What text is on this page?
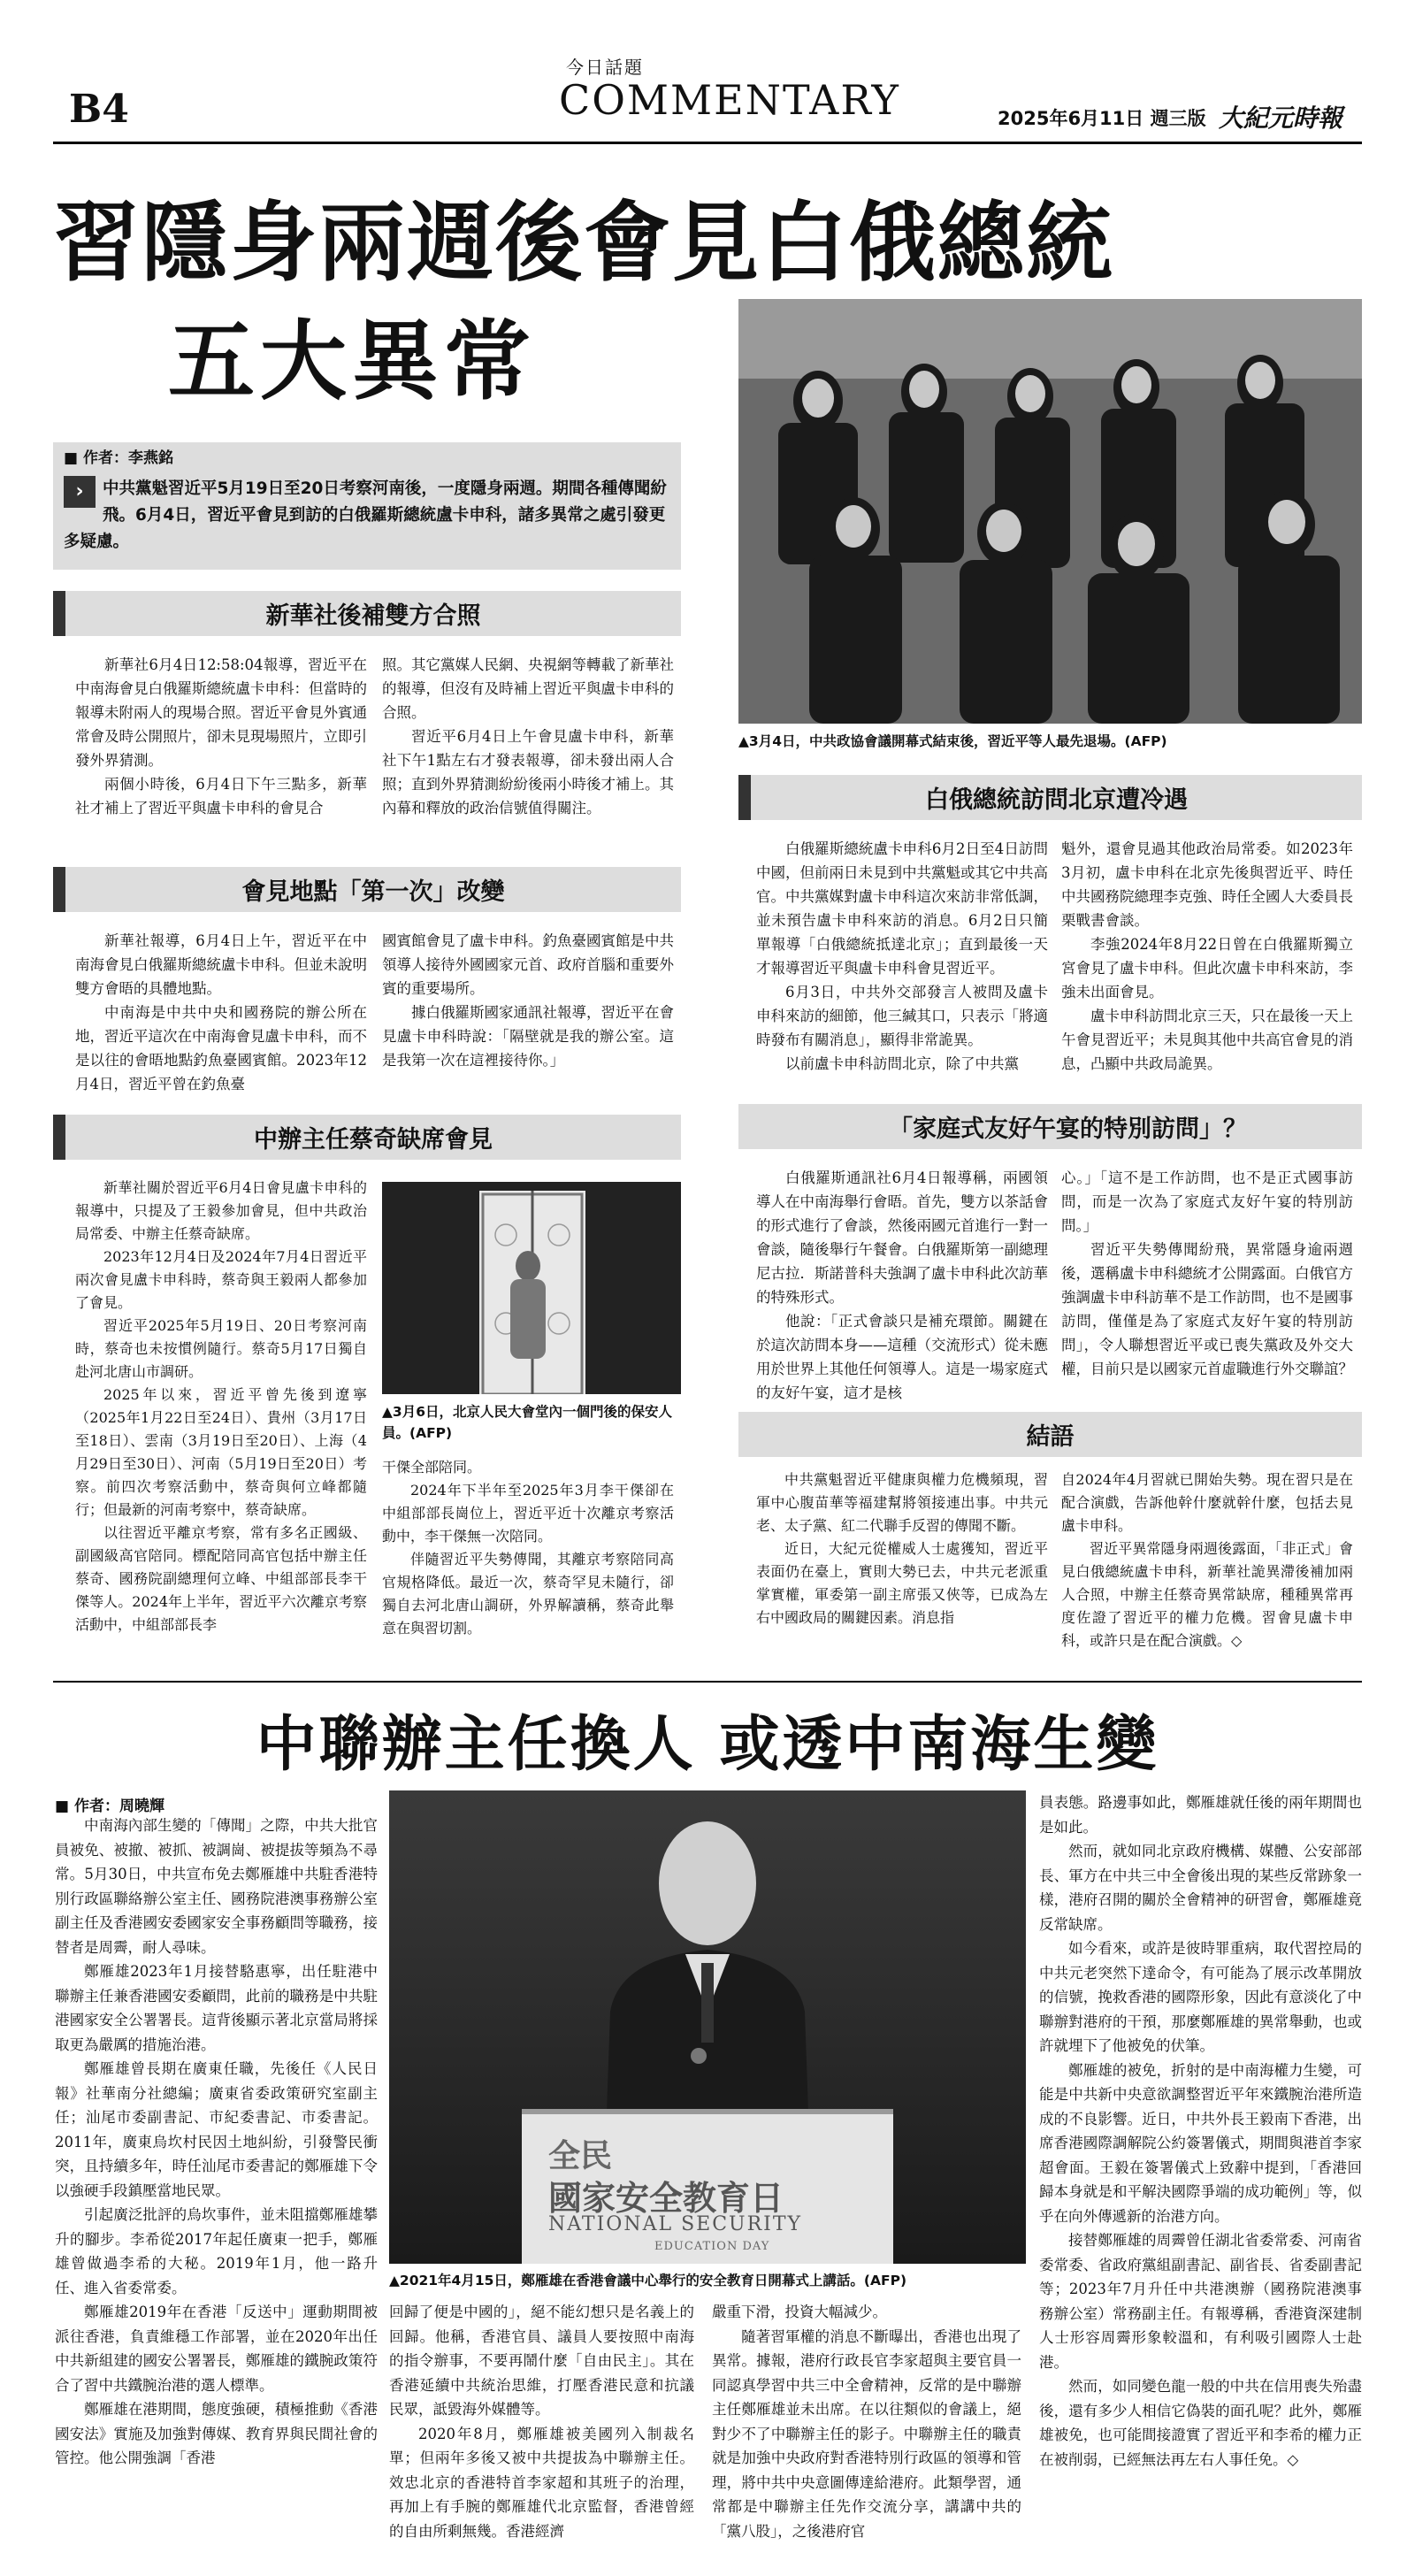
B4
今日話題
COMMENTARY	2025年6月11日 週三版 大紀元時報
習隱身兩週後會見白俄總統
五大異常
■ 作者：李燕銘
›	中共黨魁習近平5月19日至20日考察河南後，一度隱身兩週。期間各種傳聞紛飛。6月4日，習近平會見到訪的白俄羅斯總統盧卡申科，諸多異常之處引發更多疑慮。
▲3月4日，中共政協會議開幕式結束後，習近平等人最先退場。(AFP)
新華社後補雙方合照

新華社6月4日12:58:04報導，習近平在中南海會見白俄羅斯總統盧卡申科：但當時的報導未附兩人的現場合照。習近平會見外賓通常會及時公開照片，卻未見現場照片，立即引發外界猜測。

兩個小時後，6月4日下午三點多，新華社才補上了習近平與盧卡申科的會見合

照。其它黨媒人民網、央視網等轉載了新華社的報導，但沒有及時補上習近平與盧卡申科的合照。

習近平6月4日上午會見盧卡申科，新華社下午1點左右才發表報導，卻未發出兩人合照；直到外界猜測紛紛後兩小時後才補上。其內幕和釋放的政治信號值得關注。

會見地點「第一次」改變

新華社報導，6月4日上午，習近平在中南海會見白俄羅斯總統盧卡申科。但並未說明雙方會晤的具體地點。

中南海是中共中央和國務院的辦公所在地，習近平這次在中南海會見盧卡申科，而不是以往的會晤地點釣魚臺國賓館。2023年12月4日，習近平曾在釣魚臺

國賓館會見了盧卡申科。釣魚臺國賓館是中共領導人接待外國國家元首、政府首腦和重要外賓的重要場所。

據白俄羅斯國家通訊社報導，習近平在會見盧卡申科時說：「隔壁就是我的辦公室。這是我第一次在這裡接待你。」

中辦主任蔡奇缺席會見

新華社關於習近平6月4日會見盧卡申科的報導中，只提及了王毅參加會見，但中共政治局常委、中辦主任蔡奇缺席。

2023年12月4日及2024年7月4日習近平兩次會見盧卡申科時，蔡奇與王毅兩人都參加了會見。

習近平2025年5月19日、20日考察河南時，蔡奇也未按慣例隨行。蔡奇5月17日獨自赴河北唐山市調研。

2025年以來，習近平曾先後到遼寧（2025年1月22日至24日）、貴州（3月17日至18日）、雲南（3月19日至20日）、上海（4月29日至30日）、河南（5月19日至20日）考察。前四次考察活動中，蔡奇與何立峰都隨行；但最新的河南考察中，蔡奇缺席。

以往習近平離京考察，常有多名正國級、副國級高官陪同。標配陪同高官包括中辦主任蔡奇、國務院副總理何立峰、中組部部長李干傑等人。2024年上半年，習近平六次離京考察活動中，中組部部長李

▲3月6日，北京人民大會堂內一個門後的保安人員。(AFP)

干傑全部陪同。

2024年下半年至2025年3月李干傑卻在中組部部長崗位上，習近平近十次離京考察活動中，李干傑無一次陪同。

伴隨習近平失勢傳聞，其離京考察陪同高官規格降低。最近一次，蔡奇罕見未隨行，卻獨自去河北唐山調研，外界解讀稱，蔡奇此舉意在與習切割。

白俄總統訪問北京遭冷遇

白俄羅斯總統盧卡申科6月2日至4日訪問中國，但前兩日未見到中共黨魁或其它中共高官。中共黨媒對盧卡申科這次來訪非常低調，並未預告盧卡申科來訪的消息。6月2日只簡單報導「白俄總統抵達北京」；直到最後一天才報導習近平與盧卡申科會見習近平。

6月3日，中共外交部發言人被問及盧卡申科來訪的細節，他三緘其口，只表示「將適時發布有關消息」，顯得非常詭異。

以前盧卡申科訪問北京，除了中共黨

魁外，還會見過其他政治局常委。如2023年3月初，盧卡申科在北京先後與習近平、時任中共國務院總理李克強、時任全國人大委員長栗戰書會談。

李強2024年8月22日曾在白俄羅斯獨立宮會見了盧卡申科。但此次盧卡申科來訪，李強未出面會見。

盧卡申科訪問北京三天，只在最後一天上午會見習近平；未見與其他中共高官會見的消息，凸顯中共政局詭異。

「家庭式友好午宴的特別訪問」？

白俄羅斯通訊社6月4日報導稱，兩國領導人在中南海舉行會晤。首先，雙方以茶話會的形式進行了會談，然後兩國元首進行一對一會談，隨後舉行午餐會。白俄羅斯第一副總理尼古拉．斯諾普科夫強調了盧卡申科此次訪華的特殊形式。

他說：「正式會談只是補充環節。關鍵在於這次訪問本身——這種（交流形式）從未應用於世界上其他任何領導人。這是一場家庭式的友好午宴，這才是核

心。」「這不是工作訪問，也不是正式國事訪問，而是一次為了家庭式友好午宴的特別訪問。」

習近平失勢傳聞紛飛，異常隱身逾兩週後，選稱盧卡申科總統才公開露面。白俄官方強調盧卡申科訪華不是工作訪問，也不是國事訪問，僅僅是為了家庭式友好午宴的特別訪問」，令人聯想習近平或已喪失黨政及外交大權，目前只是以國家元首虛職進行外交聯誼？

結語

中共黨魁習近平健康與權力危機頻現，習軍中心腹苗華等福建幫將領接連出事。中共元老、太子黨、紅二代聯手反習的傳聞不斷。

近日，大紀元從權威人士處獲知，習近平表面仍在臺上，實則大勢已去，中共元老派重掌實權，軍委第一副主席張又俠等，已成為左右中國政局的關鍵因素。消息指

自2024年4月習就已開始失勢。現在習只是在配合演戲，告訴他幹什麼就幹什麼，包括去見盧卡申科。

習近平異常隱身兩週後露面，「非正式」會見白俄總統盧卡申科，新華社詭異滯後補加兩人合照，中辦主任蔡奇異常缺席，種種異常再度佐證了習近平的權力危機。習會見盧卡申科，或許只是在配合演戲。◇

中聯辦主任換人 或透中南海生變
■ 作者：周曉輝

中南海內部生變的「傳聞」之際，中共大批官員被免、被撤、被抓、被調崗、被提拔等頻為不尋常。5月30日，中共宣布免去鄭雁雄中共駐香港特別行政區聯絡辦公室主任、國務院港澳事務辦公室副主任及香港國安委國家安全事務顧問等職務，接替者是周霽，耐人尋味。

鄭雁雄2023年1月接替駱惠寧，出任駐港中聯辦主任兼香港國安委顧問，此前的職務是中共駐港國家安全公署署長。這背後顯示著北京當局將採取更為嚴厲的措施治港。

鄭雁雄曾長期在廣東任職，先後任《人民日報》社華南分社總編；廣東省委政策研究室副主任；汕尾市委副書記、市紀委書記、市委書記。2011年，廣東烏坎村民因土地糾紛，引發警民衝突，且持續多年，時任汕尾市委書記的鄭雁雄下令以強硬手段鎮壓當地民眾。

引起廣泛批評的烏坎事件，並未阻擋鄭雁雄攀升的腳步。李希從2017年起任廣東一把手，鄭雁雄曾做過李希的大秘。2019年1月，他一路升任、進入省委常委。

鄭雁雄2019年在香港「反送中」運動期間被派往香港，負責維穩工作部署，並在2020年出任中共新組建的國安公署署長，鄭雁雄的鐵腕政策符合了習中共鐵腕治港的選人標準。

鄭雁雄在港期間，態度強硬，積極推動《香港國安法》實施及加強對傳媒、教育界與民間社會的管控。他公開強調「香港

全民
國家安全教育日
NATIONAL SECURITY
EDUCATION DAY
▲2021年4月15日，鄭雁雄在香港會議中心舉行的安全教育日開幕式上講話。(AFP)

回歸了便是中國的」，絕不能幻想只是名義上的回歸。他稱，香港官員、議員人要按照中南海的指令辦事，不要再鬧什麼「自由民主」。其在香港延續中共統治思維，打壓香港民意和抗議民眾，詆毀海外媒體等。

2020年8月，鄭雁雄被美國列入制裁名單；但兩年多後又被中共提拔為中聯辦主任。效忠北京的香港特首李家超和其班子的治理，再加上有手腕的鄭雁雄代北京監督，香港曾經的自由所剩無幾。香港經濟

嚴重下滑，投資大幅減少。

隨著習軍權的消息不斷曝出，香港也出現了異常。據報，港府行政長官李家超與主要官員一同認真學習中共三中全會精神，反常的是中聯辦主任鄭雁雄並未出席。在以往類似的會議上，絕對少不了中聯辦主任的影子。中聯辦主任的職責就是加強中央政府對香港特別行政區的領導和管理，將中共中央意圖傳達給港府。此類學習，通常都是中聯辦主任先作交流分享，講講中共的「黨八股」，之後港府官

員表態。路邊事如此，鄭雁雄就任後的兩年期間也是如此。

然而，就如同北京政府機構、媒體、公安部部長、軍方在中共三中全會後出現的某些反常跡象一樣，港府召開的關於全會精神的研習會，鄭雁雄竟反常缺席。

如今看來，或許是彼時罪重病，取代習控局的中共元老突然下達命令，有可能為了展示改革開放的信號，挽救香港的國際形象，因此有意淡化了中聯辦對港府的干預，那麼鄭雁雄的異常舉動，也或許就埋下了他被免的伏筆。

鄭雁雄的被免，折射的是中南海權力生變，可能是中共新中央意欲調整習近平年來鐵腕治港所造成的不良影響。近日，中共外長王毅南下香港，出席香港國際調解院公約簽署儀式，期間與港首李家超會面。王毅在簽署儀式上致辭中提到，「香港回歸本身就是和平解決國際爭端的成功範例」等，似乎在向外傳遞新的治港方向。

接替鄭雁雄的周霽曾任湖北省委常委、河南省委常委、省政府黨組副書記、副省長、省委副書記等；2023年7月升任中共港澳辦（國務院港澳事務辦公室）常務副主任。有報導稱，香港資深建制人士形容周霽形象較溫和，有利吸引國際人士赴港。

然而，如同變色龍一般的中共在信用喪失殆盡後，還有多少人相信它偽裝的面孔呢？此外，鄭雁雄被免，也可能間接證實了習近平和李希的權力正在被削弱，已經無法再左右人事任免。◇
